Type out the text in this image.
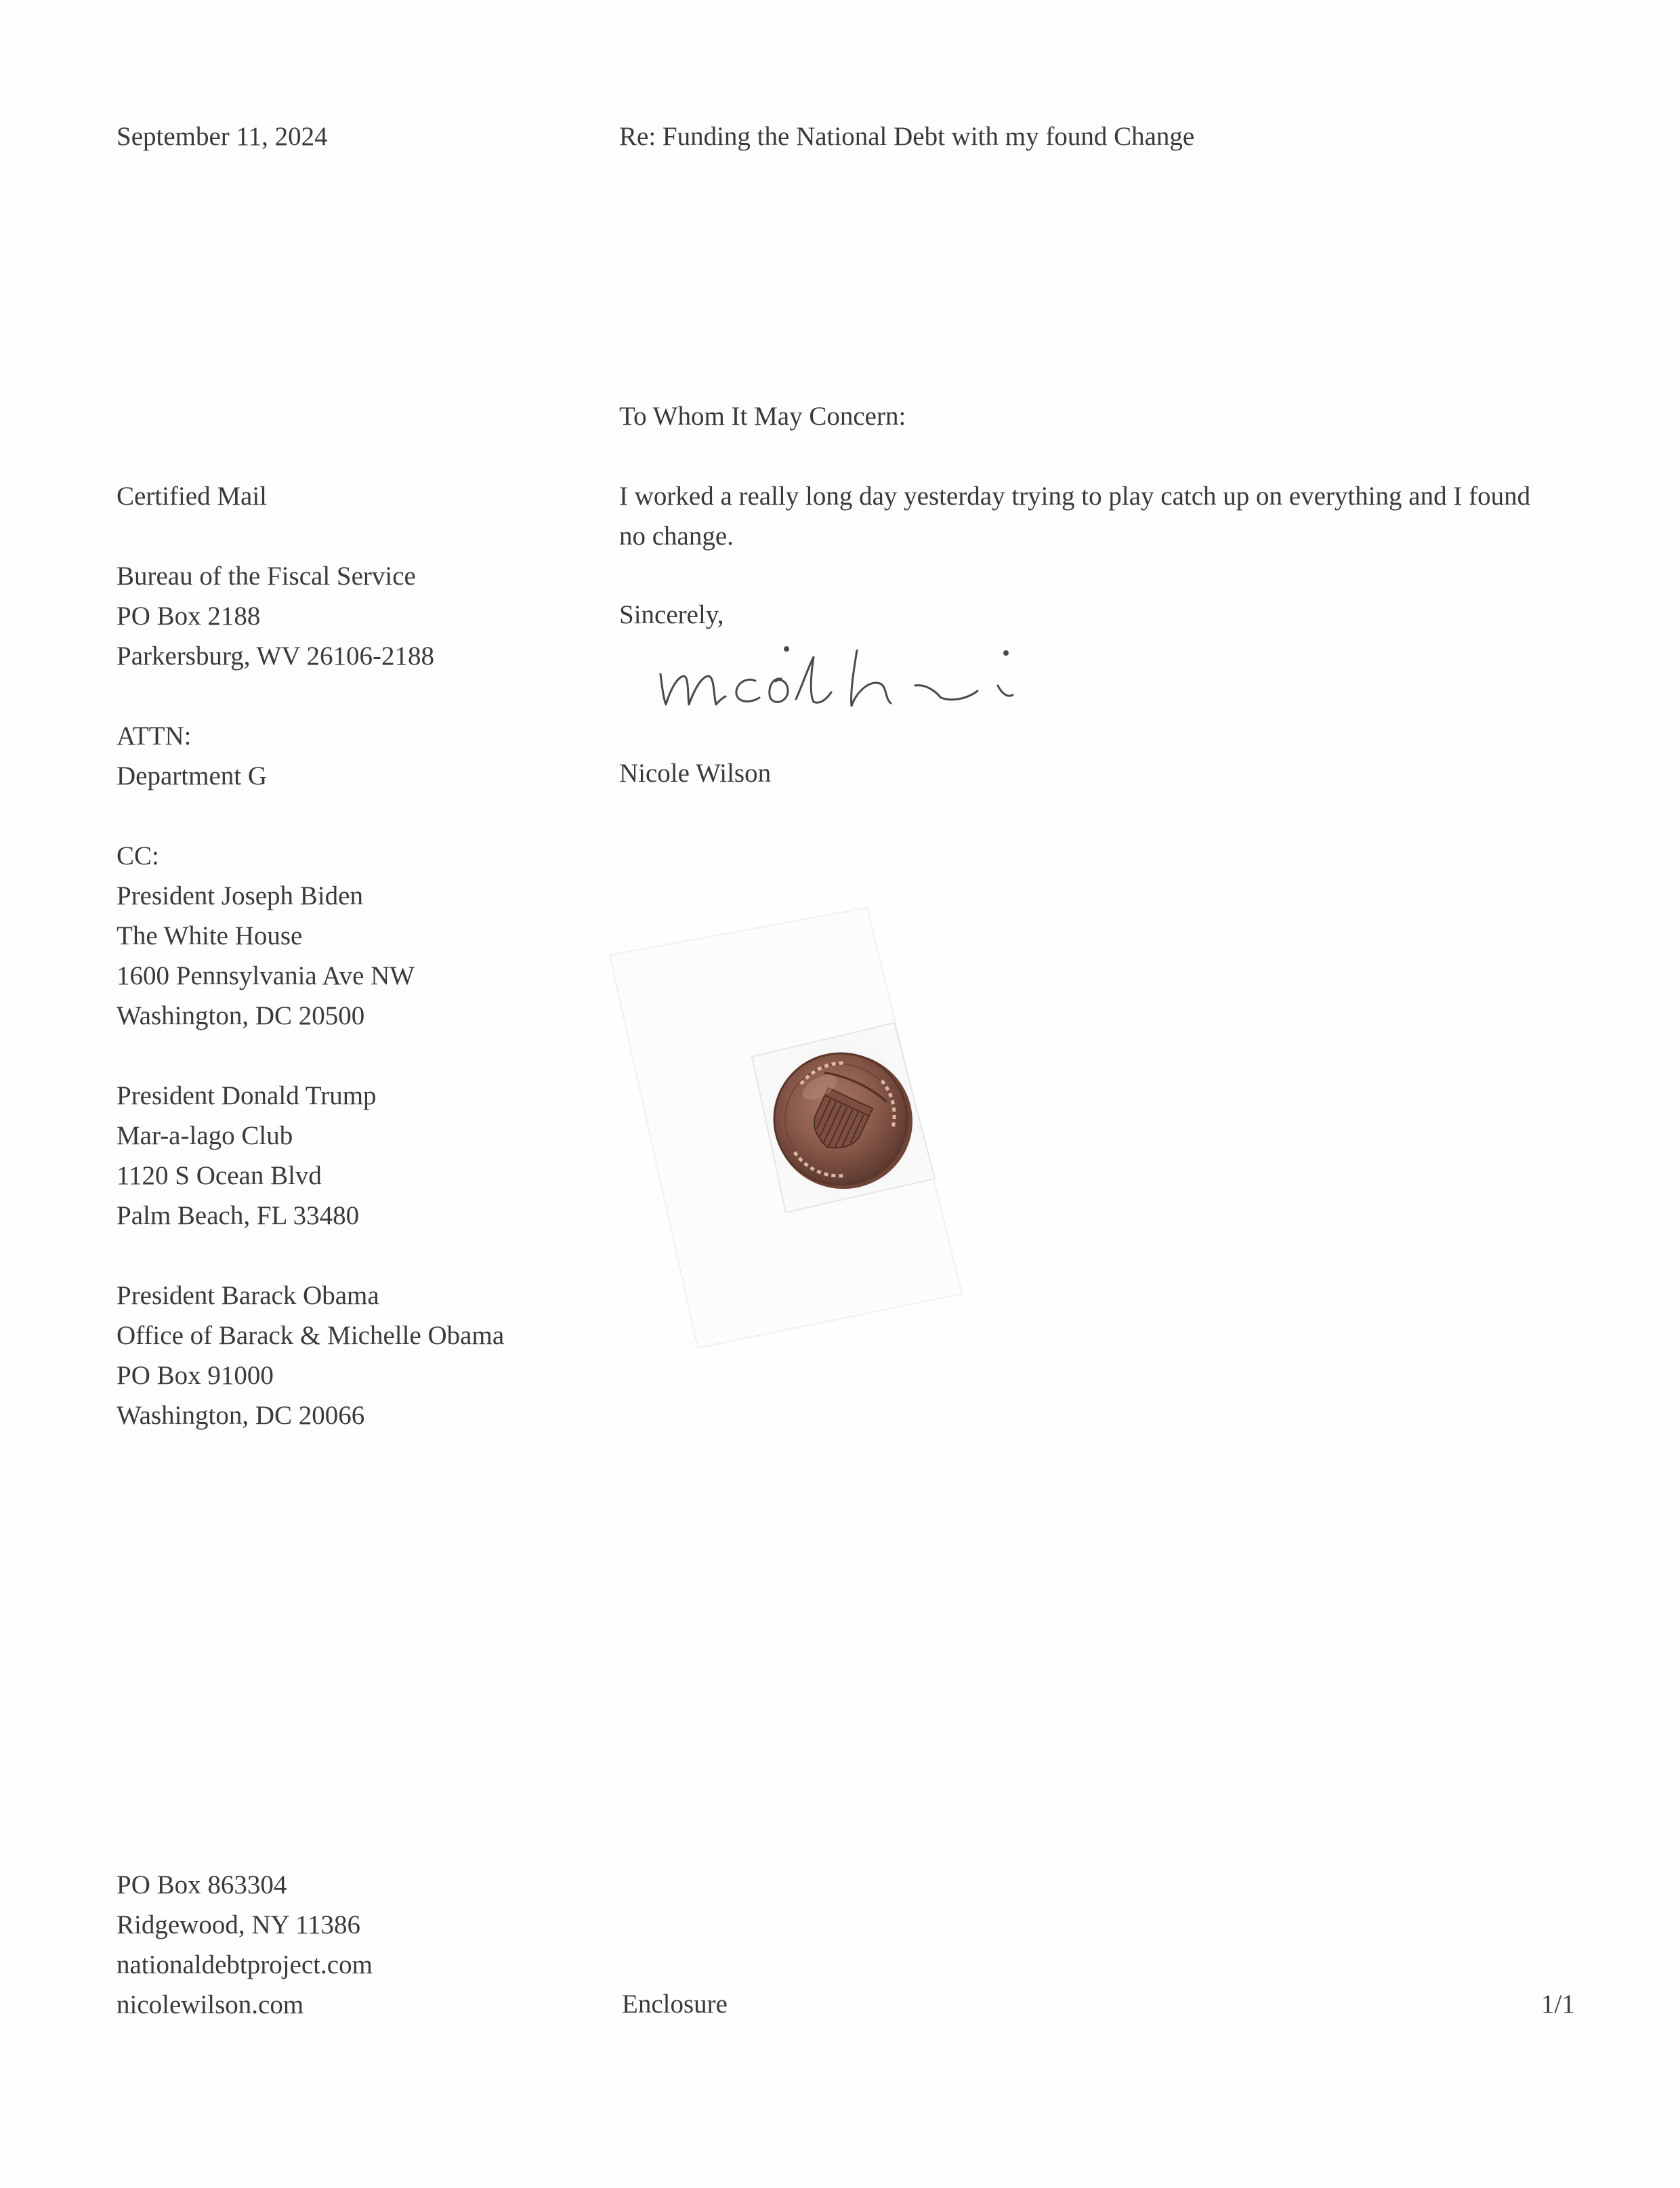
September 11, 2024	Re: Funding the National Debt with my found Change
To Whom It May Concern:
I worked a really long day yesterday trying to play catch up on everything and I found no change.
Sincerely,
Nicole Wilson
Certified Mail
Bureau of the Fiscal Service
PO Box 2188
Parkersburg, WV 26106-2188
ATTN:
Department G
CC:
President Joseph Biden
The White House
1600 Pennsylvania Ave NW
Washington, DC 20500
President Donald Trump
Mar-a-lago Club
1120 S Ocean Blvd
Palm Beach, FL 33480
President Barack Obama
Office of Barack & Michelle Obama
PO Box 91000
Washington, DC 20066
PO Box 863304
Ridgewood, NY 11386
nationaldebtproject.com
nicolewilson.com	Enclosure	1/1
